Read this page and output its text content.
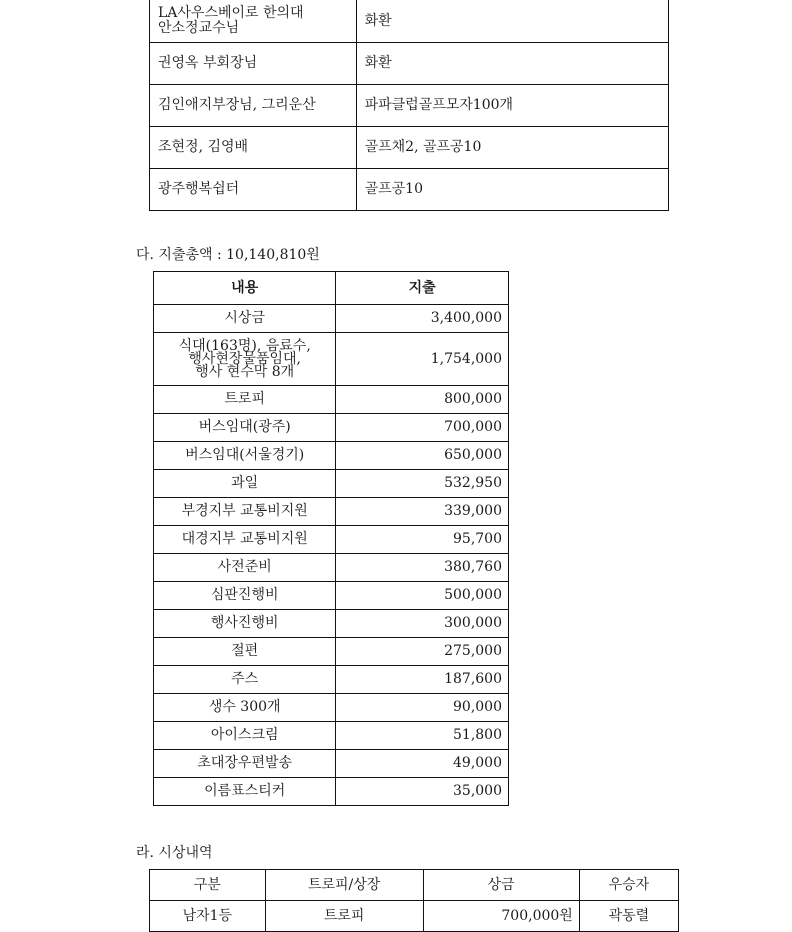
LA사우스베이로 한의대
안소정교수님	화환
권영옥 부회장님	화환
김인애지부장님, 그리운산	파파클럽골프모자100개
조현정, 김영배	골프채2, 골프공10
광주행복쉽터	골프공10
다. 지출총액 : 10,140,810원
내용	지출
시상금	3,400,000
식대(163명), 음료수,
행사현장물품임대,
행사 현수막 8개	1,754,000
트로피	800,000
버스임대(광주)	700,000
버스임대(서울경기)	650,000
과일	532,950
부경지부 교통비지원	339,000
대경지부 교통비지원	95,700
사전준비	380,760
심판진행비	500,000
행사진행비	300,000
절편	275,000
주스	187,600
생수 300개	90,000
아이스크림	51,800
초대장우편발송	49,000
이름표스티커	35,000
라. 시상내역
구분	트로피/상장	상금	우승자
남자1등	트로피	700,000원	곽동렬
